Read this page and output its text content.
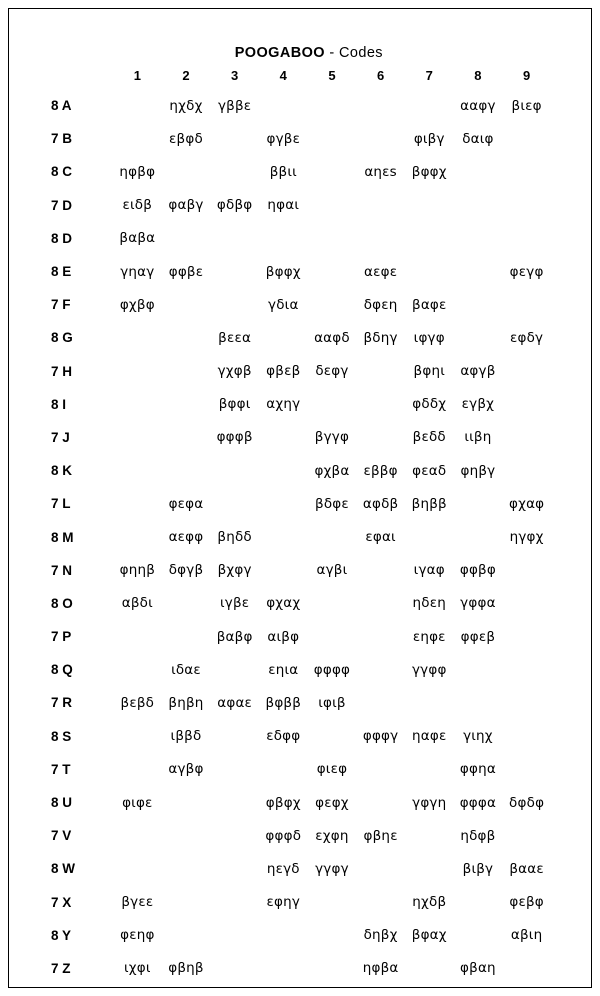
POOGABOO - Codes

	1	2	3	4	5	6	7	8	9
8 A		ηχδχ	γββε					ααφγ	βιεφ
7 B		εβφδ		φγβε			φιβγ	δαιφ	
8 C	ηφβφ			ββιι		αηεs	βφφχ		
7 D	ειδβ	φαβγ	φδβφ	ηφαι					
8 D	βαβα								
8 E	γηαγ	φφβε		βφφχ		αεφε			φεγφ
7 F	φχβφ			γδια		δφεη	βαφε		
8 G			βεεα		ααφδ	βδηγ	ιφγφ		εφδγ
7 H			γχφβ	φβεβ	δεφγ		βφηι	αφγβ	
8 I			βφφι	αχηγ			φδδχ	εγβχ	
7 J			φφφβ		βγγφ		βεδδ	ιιβη	
8 K					φχβα	εββφ	φεαδ	φηβγ	
7 L		φεφα			βδφε	αφδβ	βηββ		φχαφ
8 M		αεφφ	βηδδ			εφαι			ηγφχ
7 N	φηηβ	δφγβ	βχφγ		αγβι		ιγαφ	φφβφ	
8 O	αβδι		ιγβε	φχαχ			ηδεη	γφφα	
7 P			βαβφ	αιβφ			εηφε	φφεβ	
8 Q		ιδαε		εηια	φφφφ		γγφφ		
7 R	βεβδ	βηβη	αφαε	βφββ	ιφιβ				
8 S		ιββδ		εδφφ		φφφγ	ηαφε	γιηχ	
7 T		αγβφ			φιεφ			φφηα	
8 U	φιφε			φβφχ	φεφχ		γφγη	φφφα	δφδφ
7 V				φφφδ	εχφη	φβηε		ηδφβ	
8 W				ηεγδ	γγφγ			βιβγ	βααε
7 X	βγεε			εφηγ			ηχδβ		φεβφ
8 Y	φεηφ					δηβχ	βφαχ		αβιη
7 Z	ιχφι	φβηβ				ηφβα		φβαη	
